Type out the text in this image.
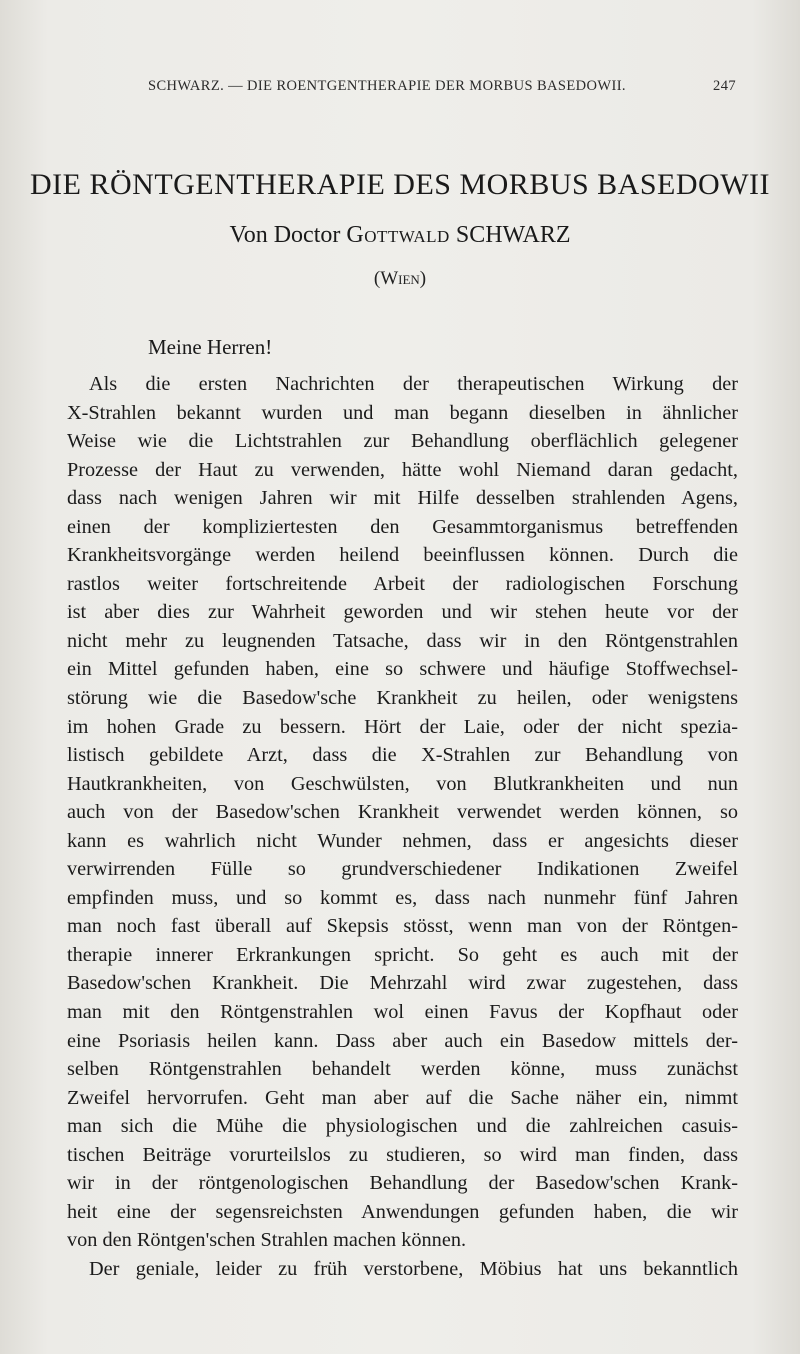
SCHWARZ. — DIE ROENTGENTHERAPIE DER MORBUS BASEDOWII.	247
DIE RÖNTGENTHERAPIE DES MORBUS BASEDOWII
Von Doctor Gottwald SCHWARZ
(Wien)
Meine Herren!
Als die ersten Nachrichten der therapeutischen Wirkung der
X-Strahlen bekannt wurden und man begann dieselben in ähnlicher
Weise wie die Lichtstrahlen zur Behandlung oberflächlich gelegener
Prozesse der Haut zu verwenden, hätte wohl Niemand daran gedacht,
dass nach wenigen Jahren wir mit Hilfe desselben strahlenden Agens,
einen der kompliziertesten den Gesammtorganismus betreffenden
Krankheitsvorgänge werden heilend beeinflussen können. Durch die
rastlos weiter fortschreitende Arbeit der radiologischen Forschung
ist aber dies zur Wahrheit geworden und wir stehen heute vor der
nicht mehr zu leugnenden Tatsache, dass wir in den Röntgenstrahlen
ein Mittel gefunden haben, eine so schwere und häufige Stoffwechsel-
störung wie die Basedow'sche Krankheit zu heilen, oder wenigstens
im hohen Grade zu bessern. Hört der Laie, oder der nicht spezia-
listisch gebildete Arzt, dass die X-Strahlen zur Behandlung von
Hautkrankheiten, von Geschwülsten, von Blutkrankheiten und nun
auch von der Basedow'schen Krankheit verwendet werden können, so
kann es wahrlich nicht Wunder nehmen, dass er angesichts dieser
verwirrenden Fülle so grundverschiedener Indikationen Zweifel
empfinden muss, und so kommt es, dass nach nunmehr fünf Jahren
man noch fast überall auf Skepsis stösst, wenn man von der Röntgen-
therapie innerer Erkrankungen spricht. So geht es auch mit der
Basedow'schen Krankheit. Die Mehrzahl wird zwar zugestehen, dass
man mit den Röntgenstrahlen wol einen Favus der Kopfhaut oder
eine Psoriasis heilen kann. Dass aber auch ein Basedow mittels der-
selben Röntgenstrahlen behandelt werden könne, muss zunächst
Zweifel hervorrufen. Geht man aber auf die Sache näher ein, nimmt
man sich die Mühe die physiologischen und die zahlreichen casuis-
tischen Beiträge vorurteilslos zu studieren, so wird man finden, dass
wir in der röntgenologischen Behandlung der Basedow'schen Krank-
heit eine der segensreichsten Anwendungen gefunden haben, die wir
von den Röntgen'schen Strahlen machen können.
Der geniale, leider zu früh verstorbene, Möbius hat uns bekanntlich
